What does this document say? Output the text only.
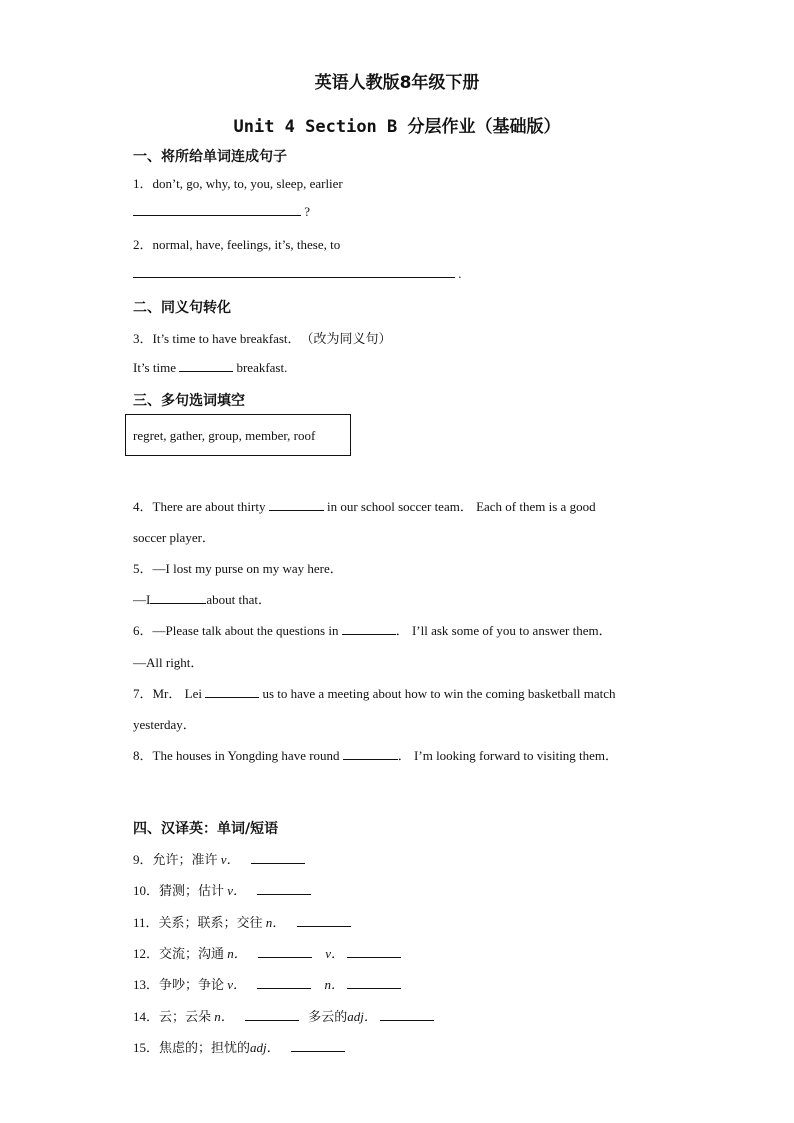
英语人教版8年级下册
Unit 4 Section B 分层作业（基础版）
一、将所给单词连成句子
1．don’t, go, why, to, you, sleep, earlier
?
2．normal, have, feelings, it’s, these, to
.
二、同义句转化
3．It’s time to have breakfast．　（改为同义句）
It’s time	breakfast.
三、多句选词填空
regret, gather, group, member, roof
4．There are about thirty	in our school soccer team． Each of them is a good
soccer player．
5．—I lost my purse on my way here．
—I	about that．
6．—Please talk about the questions in	． I’ll ask some of you to answer them．
—All right．
7．Mr． Lei	us to have a meeting about how to win the coming basketball match
yesterday．
8．The houses in Yongding have round	． I’m looking forward to visiting them．
四、汉译英：单词/短语
9．允许；准许 v．
10．猜测；估计 v．
11．关系；联系；交往 n．
12．交流；沟通 n．	v．
13．争吵；争论 v．	n．
14．云；云朵 n．	多云的adj．
15．焦虑的；担忧的adj．
